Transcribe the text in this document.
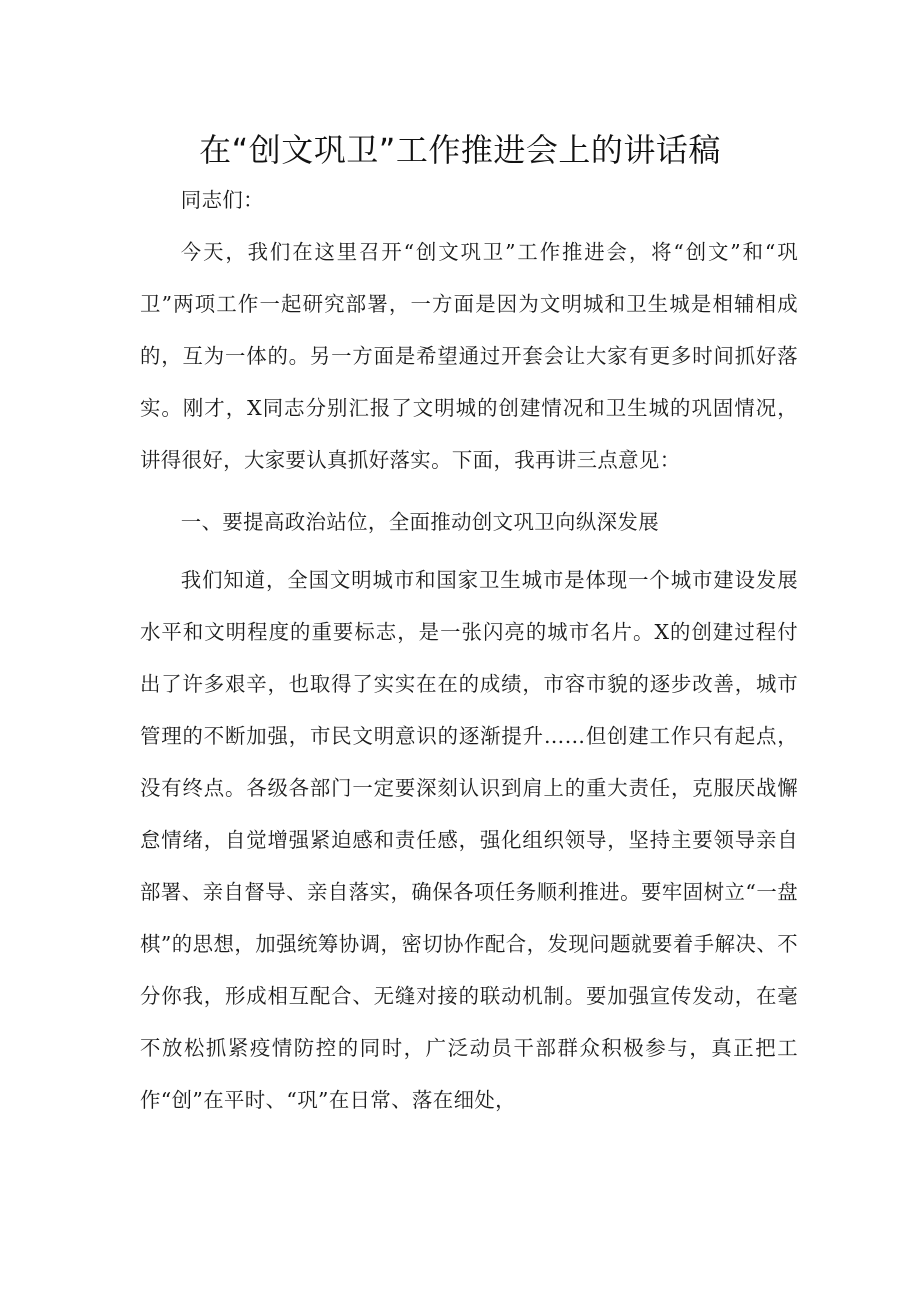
在“创文巩卫”工作推进会上的讲话稿

同志们：

今天，我们在这里召开“创文巩卫”工作推进会，将“创文”和“巩卫”两项工作一起研究部署，一方面是因为文明城和卫生城是相辅相成的，互为一体的。另一方面是希望通过开套会让大家有更多时间抓好落实。刚才，X同志分别汇报了文明城的创建情况和卫生城的巩固情况，讲得很好，大家要认真抓好落实。下面，我再讲三点意见：

一、要提高政治站位，全面推动创文巩卫向纵深发展

我们知道，全国文明城市和国家卫生城市是体现一个城市建设发展水平和文明程度的重要标志，是一张闪亮的城市名片。X的创建过程付出了许多艰辛，也取得了实实在在的成绩，市容市貌的逐步改善，城市管理的不断加强，市民文明意识的逐渐提升……但创建工作只有起点，没有终点。各级各部门一定要深刻认识到肩上的重大责任，克服厌战懈怠情绪，自觉增强紧迫感和责任感，强化组织领导，坚持主要领导亲自部署、亲自督导、亲自落实，确保各项任务顺利推进。要牢固树立“一盘棋”的思想，加强统筹协调，密切协作配合，发现问题就要着手解决、不分你我，形成相互配合、无缝对接的联动机制。要加强宣传发动，在毫不放松抓紧疫情防控的同时，广泛动员干部群众积极参与，真正把工作“创”在平时、“巩”在日常、落在细处，
